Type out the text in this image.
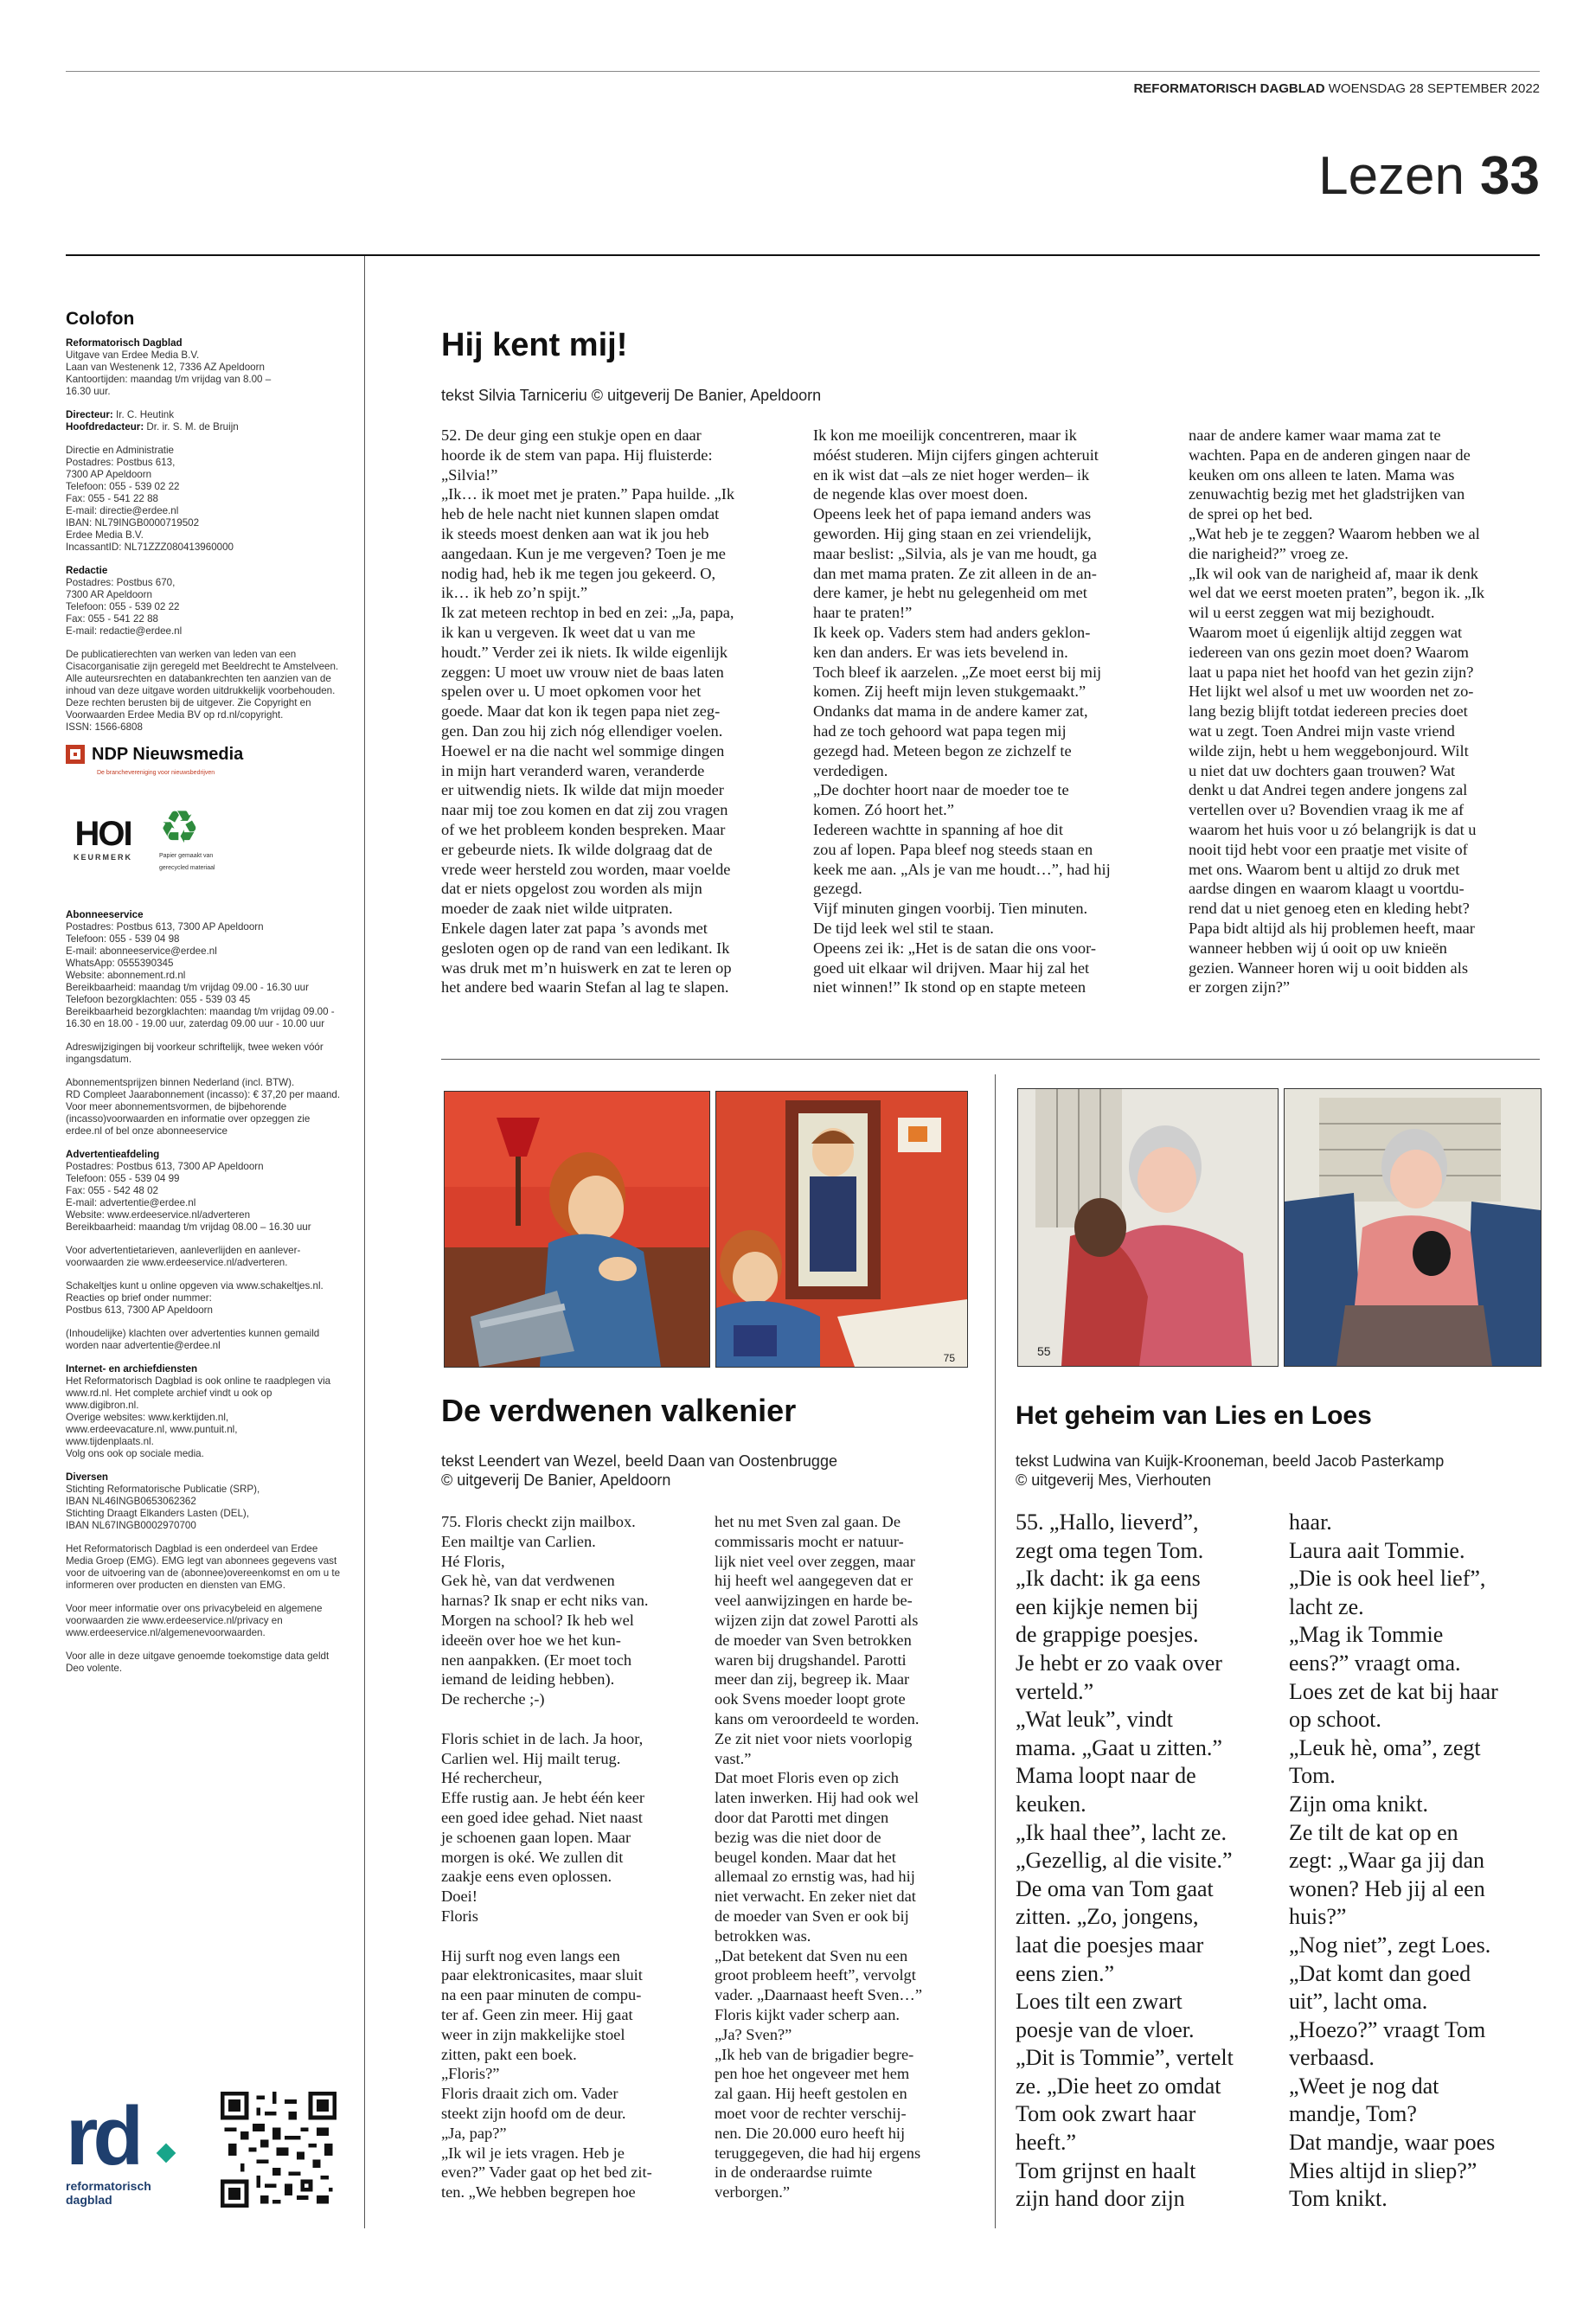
REFORMATORISCH DAGBLAD WOENSDAG 28 SEPTEMBER 2022
Lezen 33
Colofon
Reformatorisch Dagblad
Uitgave van Erdee Media B.V.
Laan van Westenenk 12, 7336 AZ Apeldoorn
Kantoortijden: maandag t/m vrijdag van 8.00 –
16.30 uur.
Directeur: Ir. C. Heutink
Hoofdredacteur: Dr. ir. S. M. de Bruijn
Directie en Administratie
Postadres: Postbus 613,
7300 AP Apeldoorn
Telefoon: 055 - 539 02 22
Fax: 055 - 541 22 88
E-mail: directie@erdee.nl
IBAN: NL79INGB0000719502
Erdee Media B.V.
IncassantID: NL71ZZZ080413960000
Redactie
Postadres: Postbus 670,
7300 AR Apeldoorn
Telefoon: 055 - 539 02 22
Fax: 055 - 541 22 88
E-mail: redactie@erdee.nl
De publicatierechten van werken van leden van een Cisacorganisatie zijn geregeld met Beeldrecht te Amstelveen. Alle auteursrechten en databankrechten ten aanzien van de inhoud van deze uitgave worden uitdrukkelijk voorbehouden. Deze rechten berusten bij de uitgever. Zie Copyright en Voorwaarden Erdee Media BV op rd.nl/copyright.
ISSN: 1566-6808
NDP Nieuwsmedia
De branchevereniging voor nieuwsbedrijven
HOI
KEURMERK
♻
Papier gemaakt van gerecycled materiaal
Abonneeservice
Postadres: Postbus 613, 7300 AP Apeldoorn
Telefoon: 055 - 539 04 98
E-mail: abonneeservice@erdee.nl
WhatsApp: 0555390345
Website: abonnement.rd.nl
Bereikbaarheid: maandag t/m vrijdag 09.00 - 16.30 uur
Telefoon bezorgklachten: 055 - 539 03 45
Bereikbaarheid bezorgklachten: maandag t/m vrijdag 09.00 - 16.30 en 18.00 - 19.00 uur, zaterdag 09.00 uur - 10.00 uur
Adreswijzigingen bij voorkeur schriftelijk, twee weken vóór ingangsdatum.
Abonnementsprijzen binnen Nederland (incl. BTW).
RD Compleet Jaarabonnement (incasso): € 37,20 per maand.
Voor meer abonnementsvormen, de bijbehorende (incasso)voorwaarden en informatie over opzeggen zie erdee.nl of bel onze abonneeservice
Advertentieafdeling
Postadres: Postbus 613, 7300 AP Apeldoorn
Telefoon: 055 - 539 04 99
Fax: 055 - 542 48 02
E-mail: advertentie@erdee.nl
Website: www.erdeeservice.nl/adverteren
Bereikbaarheid: maandag t/m vrijdag 08.00 – 16.30 uur
Voor advertentietarieven, aanleverlijden en aanlever-voorwaarden zie www.erdeeservice.nl/adverteren.
Schakeltjes kunt u online opgeven via www.schakeltjes.nl.
Reacties op brief onder nummer:
Postbus 613, 7300 AP Apeldoorn
(Inhoudelijke) klachten over advertenties kunnen gemaild worden naar advertentie@erdee.nl
Internet- en archiefdiensten
Het Reformatorisch Dagblad is ook online te raadplegen via www.rd.nl. Het complete archief vindt u ook op
www.digibron.nl.
Overige websites: www.kerktijden.nl,
www.erdeevacature.nl, www.puntuit.nl,
www.tijdenplaats.nl.
Volg ons ook op sociale media.
Diversen
Stichting Reformatorische Publicatie (SRP),
IBAN NL46INGB0653062362
Stichting Draagt Elkanders Lasten (DEL),
IBAN NL67INGB0002970700
Het Reformatorisch Dagblad is een onderdeel van Erdee Media Groep (EMG). EMG legt van abonnees gegevens vast voor de uitvoering van de (abonnee)overeenkomst en om u te informeren over producten en diensten van EMG.
Voor meer informatie over ons privacybeleid en algemene voorwaarden zie www.erdeeservice.nl/privacy en www.erdeeservice.nl/algemenevoorwaarden.
Voor alle in deze uitgave genoemde toekomstige data geldt Deo volente.
rd
reformatorisch
dagblad
Hij kent mij!
tekst Silvia Tarniceriu © uitgeverij De Banier, Apeldoorn
52. De deur ging een stukje open en daar
hoorde ik de stem van papa. Hij fluisterde:
„Silvia!”
„Ik… ik moet met je praten.” Papa huilde. „Ik
heb de hele nacht niet kunnen slapen omdat
ik steeds moest denken aan wat ik jou heb
aangedaan. Kun je me vergeven? Toen je me
nodig had, heb ik me tegen jou gekeerd. O,
ik… ik heb zo’n spijt.”
Ik zat meteen rechtop in bed en zei: „Ja, papa,
ik kan u vergeven. Ik weet dat u van me
houdt.” Verder zei ik niets. Ik wilde eigenlijk
zeggen: U moet uw vrouw niet de baas laten
spelen over u. U moet opkomen voor het
goede. Maar dat kon ik tegen papa niet zeg-
gen. Dan zou hij zich nóg ellendiger voelen.
Hoewel er na die nacht wel sommige dingen
in mijn hart veranderd waren, veranderde
er uitwendig niets. Ik wilde dat mijn moeder
naar mij toe zou komen en dat zij zou vragen
of we het probleem konden bespreken. Maar
er gebeurde niets. Ik wilde dolgraag dat de
vrede weer hersteld zou worden, maar voelde
dat er niets opgelost zou worden als mijn
moeder de zaak niet wilde uitpraten.
Enkele dagen later zat papa ’s avonds met
gesloten ogen op de rand van een ledikant. Ik
was druk met m’n huiswerk en zat te leren op
het andere bed waarin Stefan al lag te slapen.
Ik kon me moeilijk concentreren, maar ik
móést studeren. Mijn cijfers gingen achteruit
en ik wist dat –als ze niet hoger werden– ik
de negende klas over moest doen.
Opeens leek het of papa iemand anders was
geworden. Hij ging staan en zei vriendelijk,
maar beslist: „Silvia, als je van me houdt, ga
dan met mama praten. Ze zit alleen in de an-
dere kamer, je hebt nu gelegenheid om met
haar te praten!”
Ik keek op. Vaders stem had anders geklon-
ken dan anders. Er was iets bevelend in.
Toch bleef ik aarzelen. „Ze moet eerst bij mij
komen. Zij heeft mijn leven stukgemaakt.”
Ondanks dat mama in de andere kamer zat,
had ze toch gehoord wat papa tegen mij
gezegd had. Meteen begon ze zichzelf te
verdedigen.
„De dochter hoort naar de moeder toe te
komen. Zó hoort het.”
Iedereen wachtte in spanning af hoe dit
zou af lopen. Papa bleef nog steeds staan en
keek me aan. „Als je van me houdt…”, had hij
gezegd.
Vijf minuten gingen voorbij. Tien minuten.
De tijd leek wel stil te staan.
Opeens zei ik: „Het is de satan die ons voor-
goed uit elkaar wil drijven. Maar hij zal het
niet winnen!” Ik stond op en stapte meteen
naar de andere kamer waar mama zat te
wachten. Papa en de anderen gingen naar de
keuken om ons alleen te laten. Mama was
zenuwachtig bezig met het gladstrijken van
de sprei op het bed.
„Wat heb je te zeggen? Waarom hebben we al
die narigheid?” vroeg ze.
„Ik wil ook van de narigheid af, maar ik denk
wel dat we eerst moeten praten”, begon ik. „Ik
wil u eerst zeggen wat mij bezighoudt.
Waarom moet ú eigenlijk altijd zeggen wat
iedereen van ons gezin moet doen? Waarom
laat u papa niet het hoofd van het gezin zijn?
Het lijkt wel alsof u met uw woorden net zo-
lang bezig blijft totdat iedereen precies doet
wat u zegt. Toen Andrei mijn vaste vriend
wilde zijn, hebt u hem weggebonjourd. Wilt
u niet dat uw dochters gaan trouwen? Wat
denkt u dat Andrei tegen andere jongens zal
vertellen over u? Bovendien vraag ik me af
waarom het huis voor u zó belangrijk is dat u
nooit tijd hebt voor een praatje met visite of
met ons. Waarom bent u altijd zo druk met
aardse dingen en waarom klaagt u voortdu-
rend dat u niet genoeg eten en kleding hebt?
Papa bidt altijd als hij problemen heeft, maar
wanneer hebben wij ú ooit op uw knieën
gezien. Wanneer horen wij u ooit bidden als
er zorgen zijn?”
75
De verdwenen valkenier
tekst Leendert van Wezel, beeld Daan van Oostenbrugge
© uitgeverij De Banier, Apeldoorn
75. Floris checkt zijn mailbox.
Een mailtje van Carlien.
Hé Floris,
Gek hè, van dat verdwenen
harnas? Ik snap er echt niks van.
Morgen na school? Ik heb wel
ideeën over hoe we het kun-
nen aanpakken. (Er moet toch
iemand de leiding hebben).
De recherche ;-)

Floris schiet in de lach. Ja hoor,
Carlien wel. Hij mailt terug.
Hé rechercheur,
Effe rustig aan. Je hebt één keer
een goed idee gehad. Niet naast
je schoenen gaan lopen. Maar
morgen is oké. We zullen dit
zaakje eens even oplossen.
Doei!
Floris

Hij surft nog even langs een
paar elektronicasites, maar sluit
na een paar minuten de compu-
ter af. Geen zin meer. Hij gaat
weer in zijn makkelijke stoel
zitten, pakt een boek.
„Floris?”
Floris draait zich om. Vader
steekt zijn hoofd om de deur.
„Ja, pap?”
„Ik wil je iets vragen. Heb je
even?” Vader gaat op het bed zit-
ten. „We hebben begrepen hoe
het nu met Sven zal gaan. De
commissaris mocht er natuur-
lijk niet veel over zeggen, maar
hij heeft wel aangegeven dat er
veel aanwijzingen en harde be-
wijzen zijn dat zowel Parotti als
de moeder van Sven betrokken
waren bij drugshandel. Parotti
meer dan zij, begreep ik. Maar
ook Svens moeder loopt grote
kans om veroordeeld te worden.
Ze zit niet voor niets voorlopig
vast.”
Dat moet Floris even op zich
laten inwerken. Hij had ook wel
door dat Parotti met dingen
bezig was die niet door de
beugel konden. Maar dat het
allemaal zo ernstig was, had hij
niet verwacht. En zeker niet dat
de moeder van Sven er ook bij
betrokken was.
„Dat betekent dat Sven nu een
groot probleem heeft”, vervolgt
vader. „Daarnaast heeft Sven…”
Floris kijkt vader scherp aan.
„Ja? Sven?”
„Ik heb van de brigadier begre-
pen hoe het ongeveer met hem
zal gaan. Hij heeft gestolen en
moet voor de rechter verschij-
nen. Die 20.000 euro heeft hij
teruggegeven, die had hij ergens
in de onderaardse ruimte
verborgen.”
55
Het geheim van Lies en Loes
tekst Ludwina van Kuijk-Krooneman, beeld Jacob Pasterkamp
© uitgeverij Mes, Vierhouten
55. „Hallo, lieverd”,
zegt oma tegen Tom.
„Ik dacht: ik ga eens
een kijkje nemen bij
de grappige poesjes.
Je hebt er zo vaak over
verteld.”
„Wat leuk”, vindt
mama. „Gaat u zitten.”
Mama loopt naar de
keuken.
„Ik haal thee”, lacht ze.
„Gezellig, al die visite.”
De oma van Tom gaat
zitten. „Zo, jongens,
laat die poesjes maar
eens zien.”
Loes tilt een zwart
poesje van de vloer.
„Dit is Tommie”, vertelt
ze. „Die heet zo omdat
Tom ook zwart haar
heeft.”
Tom grijnst en haalt
zijn hand door zijn
haar.
Laura aait Tommie.
„Die is ook heel lief”,
lacht ze.
„Mag ik Tommie
eens?” vraagt oma.
Loes zet de kat bij haar
op schoot.
„Leuk hè, oma”, zegt
Tom.
Zijn oma knikt.
Ze tilt de kat op en
zegt: „Waar ga jij dan
wonen? Heb jij al een
huis?”
„Nog niet”, zegt Loes.
„Dat komt dan goed
uit”, lacht oma.
„Hoezo?” vraagt Tom
verbaasd.
„Weet je nog dat
mandje, Tom?
Dat mandje, waar poes
Mies altijd in sliep?”
Tom knikt.
